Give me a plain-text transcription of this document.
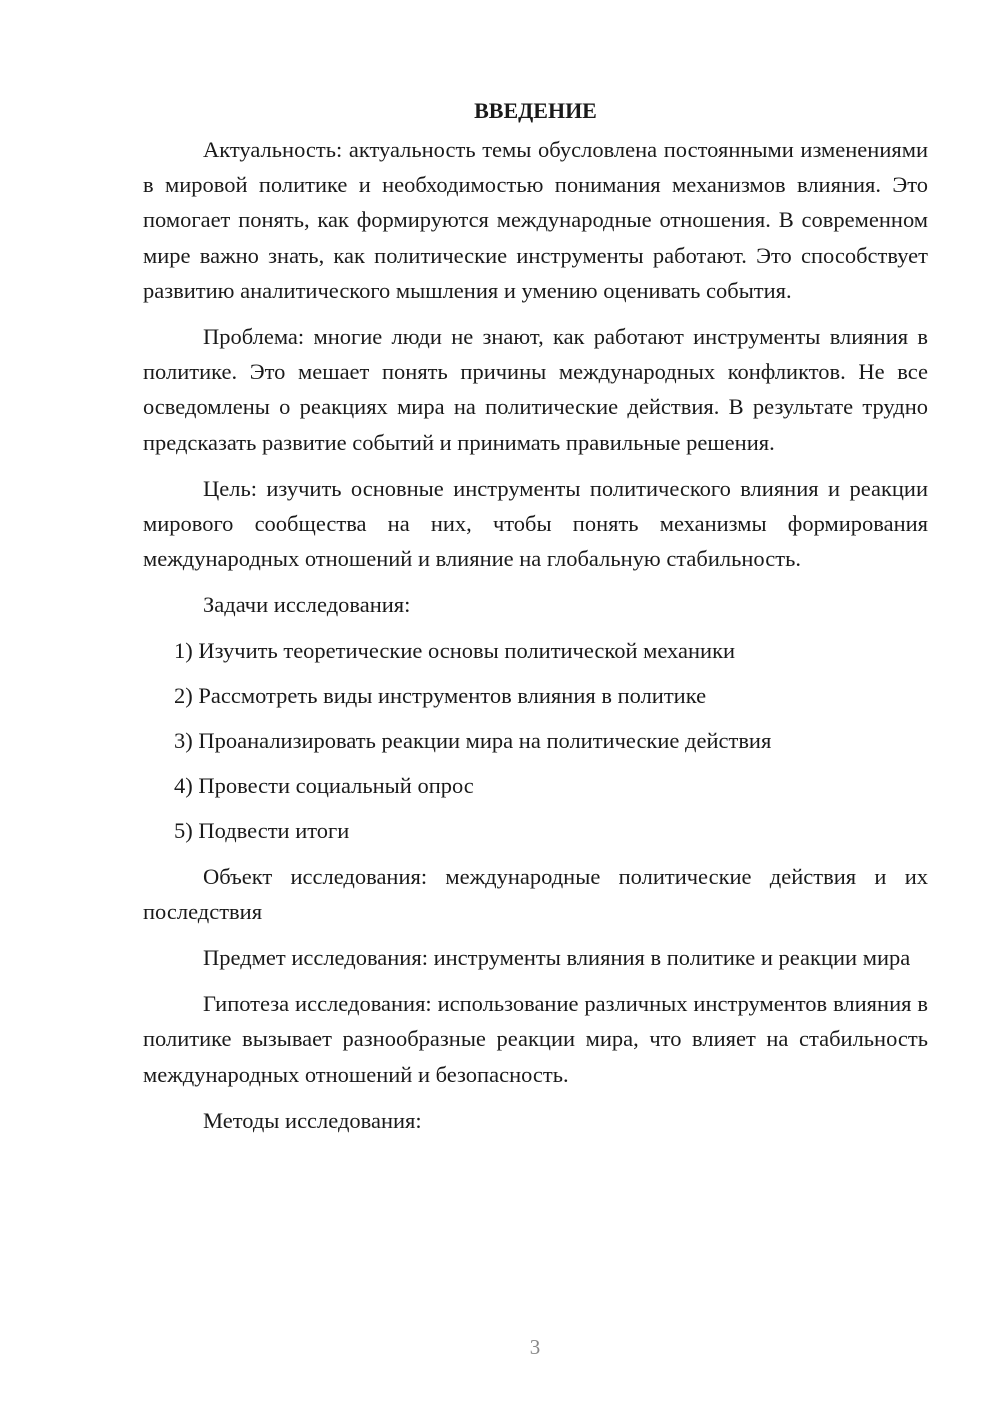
ВВЕДЕНИЕ

Актуальность: актуальность темы обусловлена постоянными изменениями в мировой политике и необходимостью понимания механизмов влияния. Это помогает понять, как формируются международные отношения. В современном мире важно знать, как политические инструменты работают. Это способствует развитию аналитического мышления и умению оценивать события.

Проблема: многие люди не знают, как работают инструменты влияния в политике. Это мешает понять причины международных конфликтов. Не все осведомлены о реакциях мира на политические действия. В результате трудно предсказать развитие событий и принимать правильные решения.

Цель: изучить основные инструменты политического влияния и реакции мирового сообщества на них, чтобы понять механизмы формирования международных отношений и влияние на глобальную стабильность.

Задачи исследования:

1) Изучить теоретические основы политической механики
2) Рассмотреть виды инструментов влияния в политике
3) Проанализировать реакции мира на политические действия
4) Провести социальный опрос
5) Подвести итоги

Объект исследования: международные политические действия и их последствия

Предмет исследования: инструменты влияния в политике и реакции мира

Гипотеза исследования: использование различных инструментов влияния в политике вызывает разнообразные реакции мира, что влияет на стабильность международных отношений и безопасность.

Методы исследования:

3
